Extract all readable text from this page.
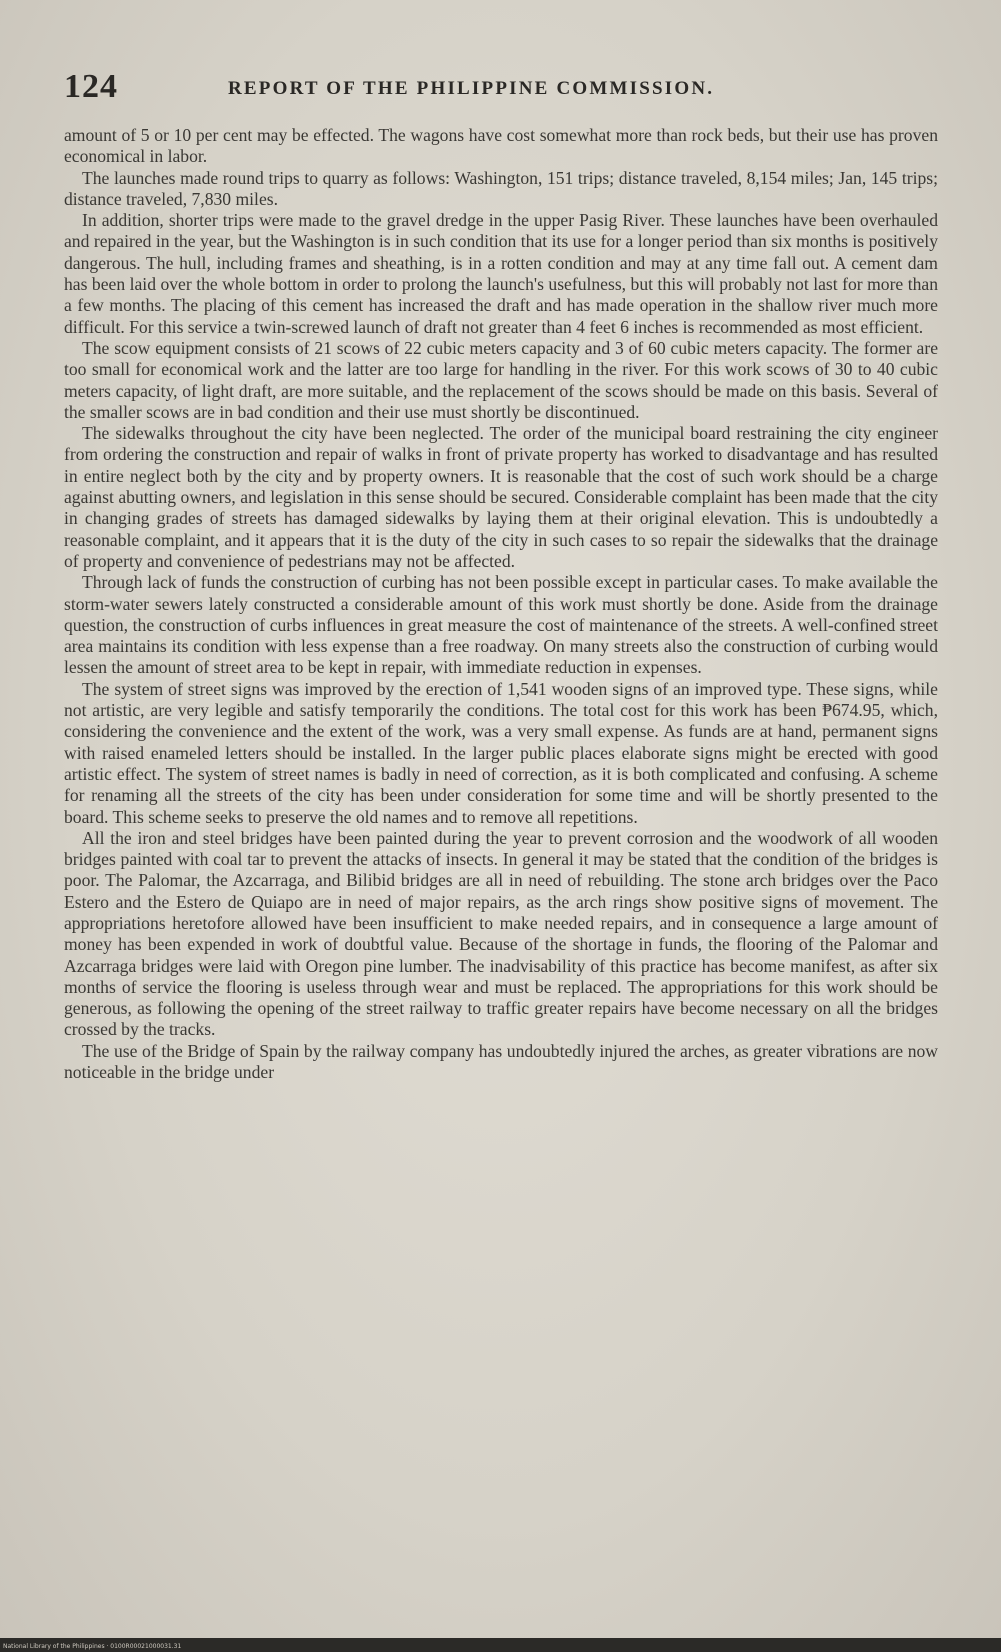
124	REPORT OF THE PHILIPPINE COMMISSION.

amount of 5 or 10 per cent may be effected. The wagons have cost somewhat more than rock beds, but their use has proven economical in labor.

The launches made round trips to quarry as follows: Washington, 151 trips; distance traveled, 8,154 miles; Jan, 145 trips; distance traveled, 7,830 miles.

In addition, shorter trips were made to the gravel dredge in the upper Pasig River. These launches have been overhauled and repaired in the year, but the Washington is in such condition that its use for a longer period than six months is positively dangerous. The hull, including frames and sheathing, is in a rotten condition and may at any time fall out. A cement dam has been laid over the whole bottom in order to prolong the launch's usefulness, but this will probably not last for more than a few months. The placing of this cement has increased the draft and has made operation in the shallow river much more difficult. For this service a twin-screwed launch of draft not greater than 4 feet 6 inches is recommended as most efficient.

The scow equipment consists of 21 scows of 22 cubic meters capacity and 3 of 60 cubic meters capacity. The former are too small for economical work and the latter are too large for handling in the river. For this work scows of 30 to 40 cubic meters capacity, of light draft, are more suitable, and the replacement of the scows should be made on this basis. Several of the smaller scows are in bad condition and their use must shortly be discontinued.

The sidewalks throughout the city have been neglected. The order of the municipal board restraining the city engineer from ordering the construction and repair of walks in front of private property has worked to disadvantage and has resulted in entire neglect both by the city and by property owners. It is reasonable that the cost of such work should be a charge against abutting owners, and legislation in this sense should be secured. Considerable complaint has been made that the city in changing grades of streets has damaged sidewalks by laying them at their original elevation. This is undoubtedly a reasonable complaint, and it appears that it is the duty of the city in such cases to so repair the sidewalks that the drainage of property and convenience of pedestrians may not be affected.

Through lack of funds the construction of curbing has not been possible except in particular cases. To make available the storm-water sewers lately constructed a considerable amount of this work must shortly be done. Aside from the drainage question, the construction of curbs influences in great measure the cost of maintenance of the streets. A well-confined street area maintains its condition with less expense than a free roadway. On many streets also the construction of curbing would lessen the amount of street area to be kept in repair, with immediate reduction in expenses.

The system of street signs was improved by the erection of 1,541 wooden signs of an improved type. These signs, while not artistic, are very legible and satisfy temporarily the conditions. The total cost for this work has been ₱674.95, which, considering the convenience and the extent of the work, was a very small expense. As funds are at hand, permanent signs with raised enameled letters should be installed. In the larger public places elaborate signs might be erected with good artistic effect. The system of street names is badly in need of correction, as it is both complicated and confusing. A scheme for renaming all the streets of the city has been under consideration for some time and will be shortly presented to the board. This scheme seeks to preserve the old names and to remove all repetitions.

All the iron and steel bridges have been painted during the year to prevent corrosion and the woodwork of all wooden bridges painted with coal tar to prevent the attacks of insects. In general it may be stated that the condition of the bridges is poor. The Palomar, the Azcarraga, and Bilibid bridges are all in need of rebuilding. The stone arch bridges over the Paco Estero and the Estero de Quiapo are in need of major repairs, as the arch rings show positive signs of movement. The appropriations heretofore allowed have been insufficient to make needed repairs, and in consequence a large amount of money has been expended in work of doubtful value. Because of the shortage in funds, the flooring of the Palomar and Azcarraga bridges were laid with Oregon pine lumber. The inadvisability of this practice has become manifest, as after six months of service the flooring is useless through wear and must be replaced. The appropriations for this work should be generous, as following the opening of the street railway to traffic greater repairs have become necessary on all the bridges crossed by the tracks.

The use of the Bridge of Spain by the railway company has undoubtedly injured the arches, as greater vibrations are now noticeable in the bridge under

National Library of the Philippines · 0100R00021000031.31
